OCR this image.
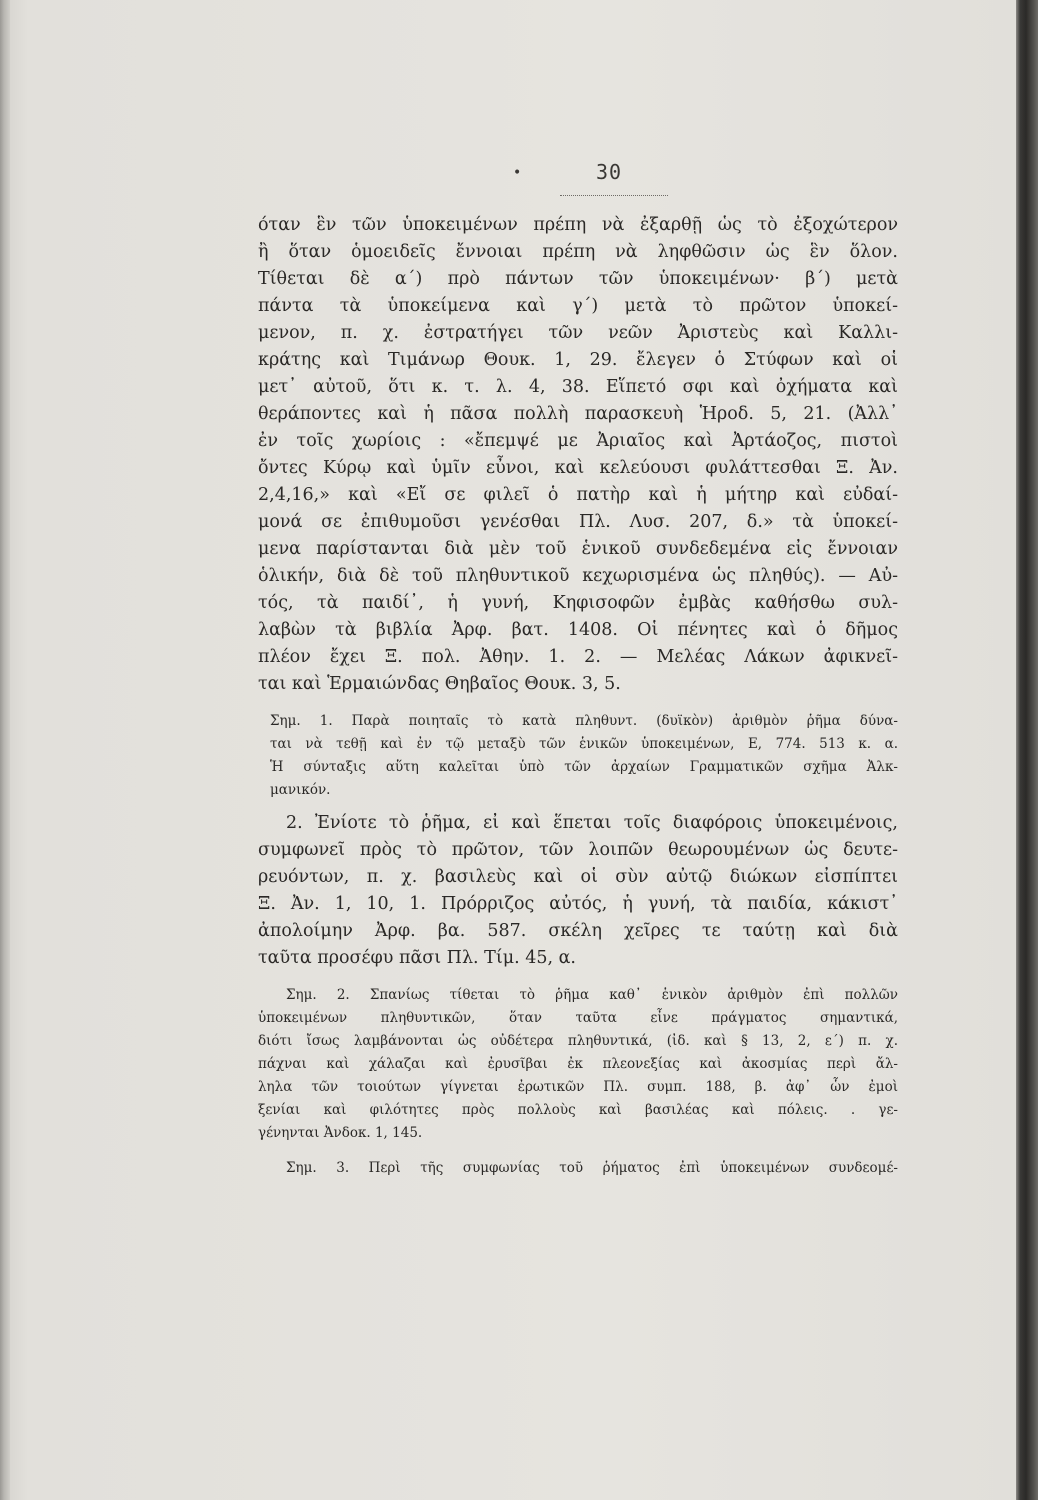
•	30
όταν ἓν τῶν ὑποκειμένων πρέπη νὰ ἐξαρθῇ ὡς τὸ ἐξοχώτερον
ἢ ὅταν ὁμοειδεῖς ἔννοιαι πρέπη νὰ ληφθῶσιν ὡς ἓν ὅλον.
Τίθεται δὲ α΄) πρὸ πάντων τῶν ὑποκειμένων· β΄) μετὰ
πάντα τὰ ὑποκείμενα καὶ γ΄) μετὰ τὸ πρῶτον ὑποκεί-
μενον, π. χ. ἐστρατήγει τῶν νεῶν Ἀριστεὺς καὶ Καλλι-
κράτης καὶ Τιμάνωρ Θουκ. 1, 29. ἔλεγεν ὁ Στύφων καὶ οἱ
μετ᾽ αὐτοῦ, ὅτι κ. τ. λ. 4, 38. Εἵπετό σφι καὶ ὀχήματα καὶ
θεράποντες καὶ ἡ πᾶσα πολλὴ παρασκευὴ Ἡροδ. 5, 21. (Ἀλλ᾽
ἐν τοῖς χωρίοις : «ἔπεμψέ με Ἀριαῖος καὶ Ἀρτάοζος, πιστοὶ
ὄντες Κύρῳ καὶ ὑμῖν εὖνοι, καὶ κελεύουσι φυλάττεσθαι Ξ. Ἀν.
2,4,16,» καὶ «Εἴ σε φιλεῖ ὁ πατὴρ καὶ ἡ μήτηρ καὶ εὐδαί-
μονά σε ἐπιθυμοῦσι γενέσθαι Πλ. Λυσ. 207, δ.» τὰ ὑποκεί-
μενα παρίστανται διὰ μὲν τοῦ ἑνικοῦ συνδεδεμένα εἰς ἔννοιαν
ὁλικήν, διὰ δὲ τοῦ πληθυντικοῦ κεχωρισμένα ὡς πληθύς). — Αὐ-
τός, τὰ παιδί᾽, ἡ γυνή, Κηφισοφῶν ἐμβὰς καθήσθω συλ-
λαβὼν τὰ βιβλία Ἀρφ. βατ. 1408. Οἱ πένητες καὶ ὁ δῆμος
πλέον ἔχει Ξ. πολ. Ἀθην. 1. 2. — Μελέας Λάκων ἀφικνεῖ-
ται καὶ Ἑρμαιώνδας Θηβαῖος Θουκ. 3, 5.
Σημ. 1. Παρὰ ποιηταῖς τὸ κατὰ πληθυντ. (δυϊκὸν) ἀριθμὸν ῥῆμα δύνα-
ται νὰ τεθῇ καὶ ἐν τῷ μεταξὺ τῶν ἑνικῶν ὑποκειμένων, Ε, 774. 513 κ. α.
Ἡ σύνταξις αὕτη καλεῖται ὑπὸ τῶν ἀρχαίων Γραμματικῶν σχῆμα Ἀλκ-
μανικόν.
2. Ἐνίοτε τὸ ῥῆμα, εἰ καὶ ἕπεται τοῖς διαφόροις ὑποκειμένοις,
συμφωνεῖ πρὸς τὸ πρῶτον, τῶν λοιπῶν θεωρουμένων ὡς δευτε-
ρευόντων, π. χ. βασιλεὺς καὶ οἱ σὺν αὐτῷ διώκων εἰσπίπτει
Ξ. Ἀν. 1, 10, 1. Πρόρριζος αὐτός, ἡ γυνή, τὰ παιδία, κάκιστ᾽
ἀπολοίμην Ἀρφ. βα. 587. σκέλη χεῖρες τε ταύτῃ καὶ διὰ
ταῦτα προσέφυ πᾶσι Πλ. Τίμ. 45, α.
Σημ. 2. Σπανίως τίθεται τὸ ῥῆμα καθ᾽ ἑνικὸν ἀριθμὸν ἐπὶ πολλῶν
ὑποκειμένων πληθυντικῶν, ὅταν ταῦτα εἶνε πράγματος σημαντικά,
διότι ἴσως λαμβάνονται ὡς οὐδέτερα πληθυντικά, (ἰδ. καὶ § 13, 2, ε΄) π. χ.
πάχναι καὶ χάλαζαι καὶ ἐρυσῖβαι ἐκ πλεονεξίας καὶ ἀκοσμίας περὶ ἄλ-
ληλα τῶν τοιούτων γίγνεται ἐρωτικῶν Πλ. συμπ. 188, β. ἀφ᾽ ὧν ἐμοὶ
ξενίαι καὶ φιλότητες πρὸς πολλοὺς καὶ βασιλέας καὶ πόλεις. . γε-
γένηνται Ἀνδοκ. 1, 145.
Σημ. 3. Περὶ τῆς συμφωνίας τοῦ ῥήματος ἐπὶ ὑποκειμένων συνδεομέ-
